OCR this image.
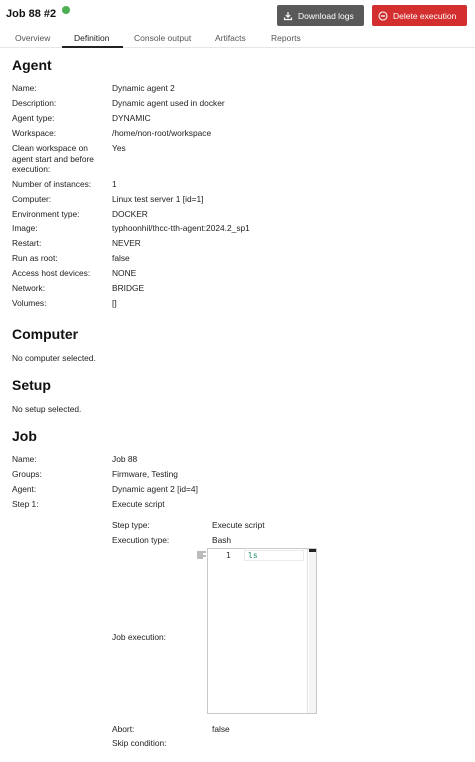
Job 88 #2	Download logs	Delete execution
Overview	Definition	Console output	Artifacts	Reports
Agent
Name:	Dynamic agent 2
Description:	Dynamic agent used in docker
Agent type:	DYNAMIC
Workspace:	/home/non-root/workspace
Clean workspace on agent start and before execution:
Yes
Number of instances:	1
Computer:	Linux test server 1 [id=1]
Environment type:	DOCKER
Image:	typhoonhil/thcc-tth-agent:2024.2_sp1
Restart:	NEVER
Run as root:	false
Access host devices:	NONE
Network:	BRIDGE
Volumes:	[]
Computer
No computer selected.
Setup
No setup selected.
Job
Name:	Job 88
Groups:	Firmware, Testing
Agent:	Dynamic agent 2 [id=4]
Step 1:	Execute script
Step type:	Execute script
Execution type:	Bash
Job execution:
1 ls
Abort:	false
Skip condition:
